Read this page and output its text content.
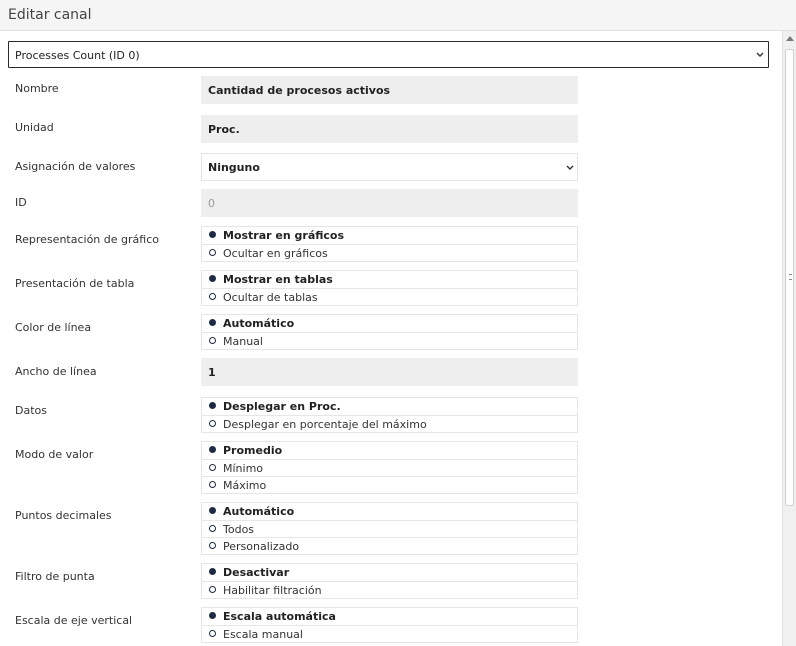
Editar canal
Processes Count (ID 0)
Nombre	Cantidad de procesos activos
Unidad	Proc.
Asignación de valores	Ninguno
ID	0
Representación de gráfico	Mostrar en gráficos
Ocultar en gráficos
Presentación de tabla	Mostrar en tablas
Ocultar de tablas
Color de línea	Automático
Manual
Ancho de línea	1
Datos	Desplegar en Proc.
Desplegar en porcentaje del máximo
Modo de valor	Promedio
Mínimo
Máximo
Puntos decimales	Automático
Todos
Personalizado
Filtro de punta	Desactivar
Habilitar filtración
Escala de eje vertical	Escala automática
Escala manual
